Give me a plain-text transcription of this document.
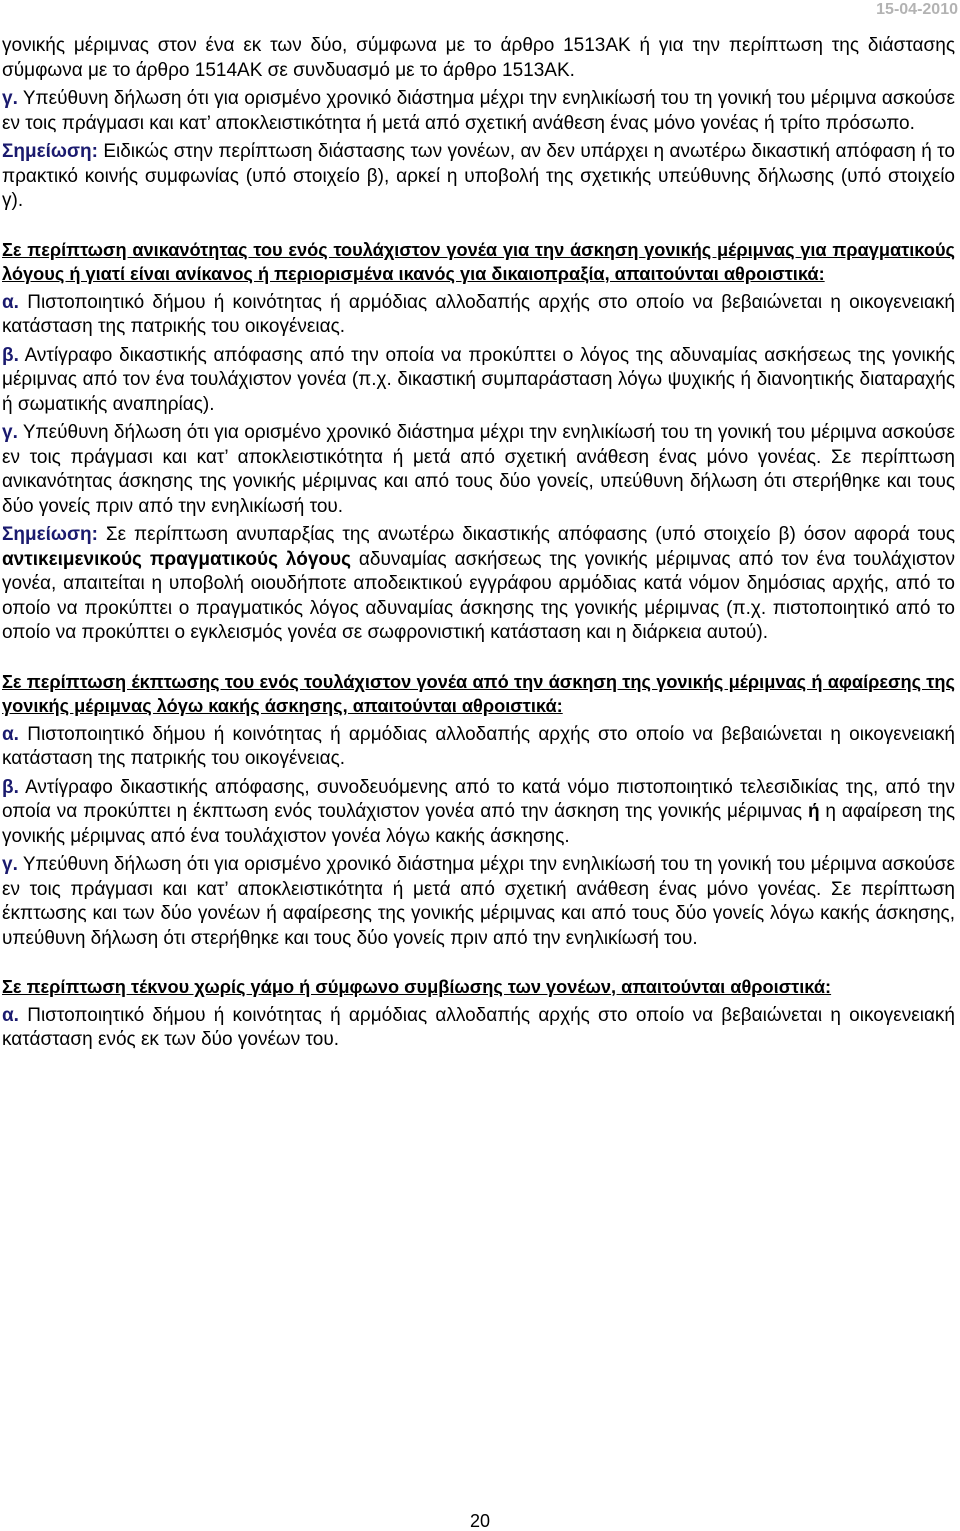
15-04-2010

γονικής μέριμνας στον ένα εκ των δύο, σύμφωνα με το άρθρο 1513ΑΚ ή για την περίπτωση της διάστασης σύμφωνα με το άρθρο 1514ΑΚ σε συνδυασμό με το άρθρο 1513ΑΚ.

γ. Υπεύθυνη δήλωση ότι για ορισμένο χρονικό διάστημα μέχρι την ενηλικίωσή του τη γονική του μέριμνα ασκούσε εν τοις πράγμασι και κατ’ αποκλειστικότητα ή μετά από σχετική ανάθεση ένας μόνο γονέας ή τρίτο πρόσωπο.

Σημείωση: Ειδικώς στην περίπτωση διάστασης των γονέων, αν δεν υπάρχει η ανωτέρω δικαστική απόφαση ή το πρακτικό κοινής συμφωνίας (υπό στοιχείο β), αρκεί η υποβολή της σχετικής υπεύθυνης δήλωσης (υπό στοιχείο γ).

Σε περίπτωση ανικανότητας του ενός τουλάχιστον γονέα για την άσκηση γονικής μέριμνας για πραγματικούς λόγους ή γιατί είναι ανίκανος ή περιορισμένα ικανός για δικαιοπραξία, απαιτούνται αθροιστικά:

α. Πιστοποιητικό δήμου ή κοινότητας ή αρμόδιας αλλοδαπής αρχής στο οποίο να βεβαιώνεται η οικογενειακή κατάσταση της πατρικής του οικογένειας.

β. Αντίγραφο δικαστικής απόφασης από την οποία να προκύπτει ο λόγος της αδυναμίας ασκήσεως της γονικής μέριμνας από τον ένα τουλάχιστον γονέα (π.χ. δικαστική συμπαράσταση λόγω ψυχικής ή διανοητικής διαταραχής ή σωματικής αναπηρίας).

γ. Υπεύθυνη δήλωση ότι για ορισμένο χρονικό διάστημα μέχρι την ενηλικίωσή του τη γονική του μέριμνα ασκούσε εν τοις πράγμασι και κατ’ αποκλειστικότητα ή μετά από σχετική ανάθεση ένας μόνο γονέας. Σε περίπτωση ανικανότητας άσκησης της γονικής μέριμνας και από τους δύο γονείς, υπεύθυνη δήλωση ότι στερήθηκε και τους δύο γονείς πριν από την ενηλικίωσή του.

Σημείωση: Σε περίπτωση ανυπαρξίας της ανωτέρω δικαστικής απόφασης (υπό στοιχείο β) όσον αφορά τους αντικειμενικούς πραγματικούς λόγους αδυναμίας ασκήσεως της γονικής μέριμνας από τον ένα τουλάχιστον γονέα, απαιτείται η υποβολή οιουδήποτε αποδεικτικού εγγράφου αρμόδιας κατά νόμον δημόσιας αρχής, από το οποίο να προκύπτει ο πραγματικός λόγος αδυναμίας άσκησης της γονικής μέριμνας (π.χ. πιστοποιητικό από το οποίο να προκύπτει ο εγκλεισμός γονέα σε σωφρονιστική κατάσταση και η διάρκεια αυτού).

Σε περίπτωση έκπτωσης του ενός τουλάχιστον γονέα από την άσκηση της γονικής μέριμνας ή αφαίρεσης της γονικής μέριμνας λόγω κακής άσκησης, απαιτούνται αθροιστικά:

α. Πιστοποιητικό δήμου ή κοινότητας ή αρμόδιας αλλοδαπής αρχής στο οποίο να βεβαιώνεται η οικογενειακή κατάσταση της πατρικής του οικογένειας.

β. Αντίγραφο δικαστικής απόφασης, συνοδευόμενης από το κατά νόμο πιστοποιητικό τελεσιδικίας της, από την οποία να προκύπτει η έκπτωση ενός τουλάχιστον γονέα από την άσκηση της γονικής μέριμνας ή η αφαίρεση της γονικής μέριμνας από ένα τουλάχιστον γονέα λόγω κακής άσκησης.

γ. Υπεύθυνη δήλωση ότι για ορισμένο χρονικό διάστημα μέχρι την ενηλικίωσή του τη γονική του μέριμνα ασκούσε εν τοις πράγμασι και κατ’ αποκλειστικότητα ή μετά από σχετική ανάθεση ένας μόνο γονέας. Σε περίπτωση έκπτωσης και των δύο γονέων ή αφαίρεσης της γονικής μέριμνας και από τους δύο γονείς λόγω κακής άσκησης, υπεύθυνη δήλωση ότι στερήθηκε και τους δύο γονείς πριν από την ενηλικίωσή του.

Σε περίπτωση τέκνου χωρίς γάμο ή σύμφωνο συμβίωσης των γονέων, απαιτούνται αθροιστικά:

α. Πιστοποιητικό δήμου ή κοινότητας ή αρμόδιας αλλοδαπής αρχής στο οποίο να βεβαιώνεται η οικογενειακή κατάσταση ενός εκ των δύο γονέων του.

20
